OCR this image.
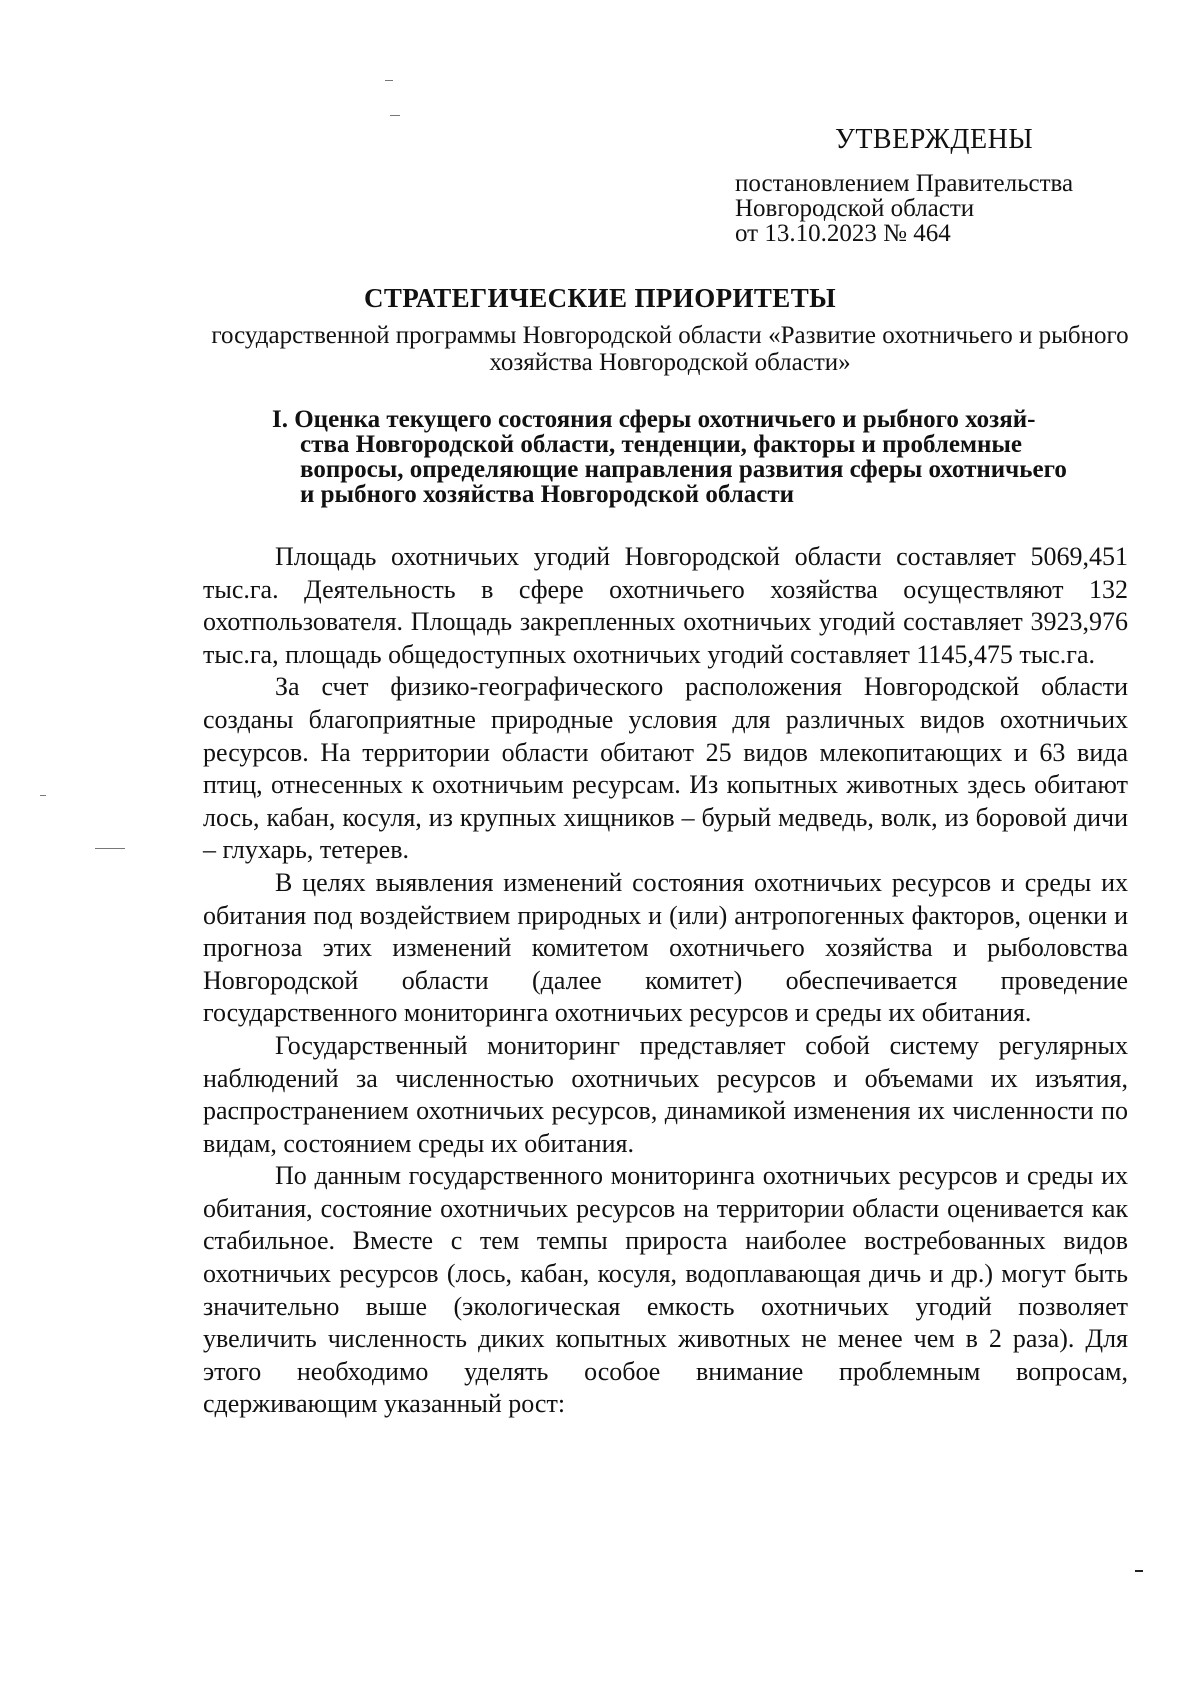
УТВЕРЖДЕНЫ
постановлением Правительства
Новгородской области
от 13.10.2023 № 464
СТРАТЕГИЧЕСКИЕ ПРИОРИТЕТЫ
государственной программы Новгородской области «Развитие охотничьего и рыбного хозяйства Новгородской области»
I. Оценка текущего состояния сферы охотничьего и рыбного хозяй-
ства Новгородской области, тенденции, факторы и проблемные
вопросы, определяющие направления развития сферы охотничьего
и рыбного хозяйства Новгородской области

Площадь охотничьих угодий Новгородской области составляет 5069,451 тыс.га. Деятельность в сфере охотничьего хозяйства осуществляют 132 охотпользователя. Площадь закрепленных охотничьих угодий составляет 3923,976 тыс.га, площадь общедоступных охотничьих угодий составляет 1145,475 тыс.га.

За счет физико-географического расположения Новгородской области созданы благоприятные природные условия для различных видов охотничьих ресурсов. На территории области обитают 25 видов млекопитающих и 63 вида птиц, отнесенных к охотничьим ресурсам. Из копытных животных здесь обитают лось, кабан, косуля, из крупных хищников – бурый медведь, волк, из боровой дичи – глухарь, тетерев.

В целях выявления изменений состояния охотничьих ресурсов и среды их обитания под воздействием природных и (или) антропогенных факторов, оценки и прогноза этих изменений комитетом охотничьего хозяйства и рыболовства Новгородской области (далее комитет) обеспечивается проведение государственного мониторинга охотничьих ресурсов и среды их обитания.

Государственный мониторинг представляет собой систему регулярных наблюдений за численностью охотничьих ресурсов и объемами их изъятия, распространением охотничьих ресурсов, динамикой изменения их численности по видам, состоянием среды их обитания.

По данным государственного мониторинга охотничьих ресурсов и среды их обитания, состояние охотничьих ресурсов на территории области оценивается как стабильное. Вместе с тем темпы прироста наиболее востребованных видов охотничьих ресурсов (лось, кабан, косуля, водоплавающая дичь и др.) могут быть значительно выше (экологическая емкость охотничьих угодий позволяет увеличить численность диких копытных животных не менее чем в 2 раза). Для этого необходимо уделять особое внимание проблемным вопросам, сдерживающим указанный рост:
